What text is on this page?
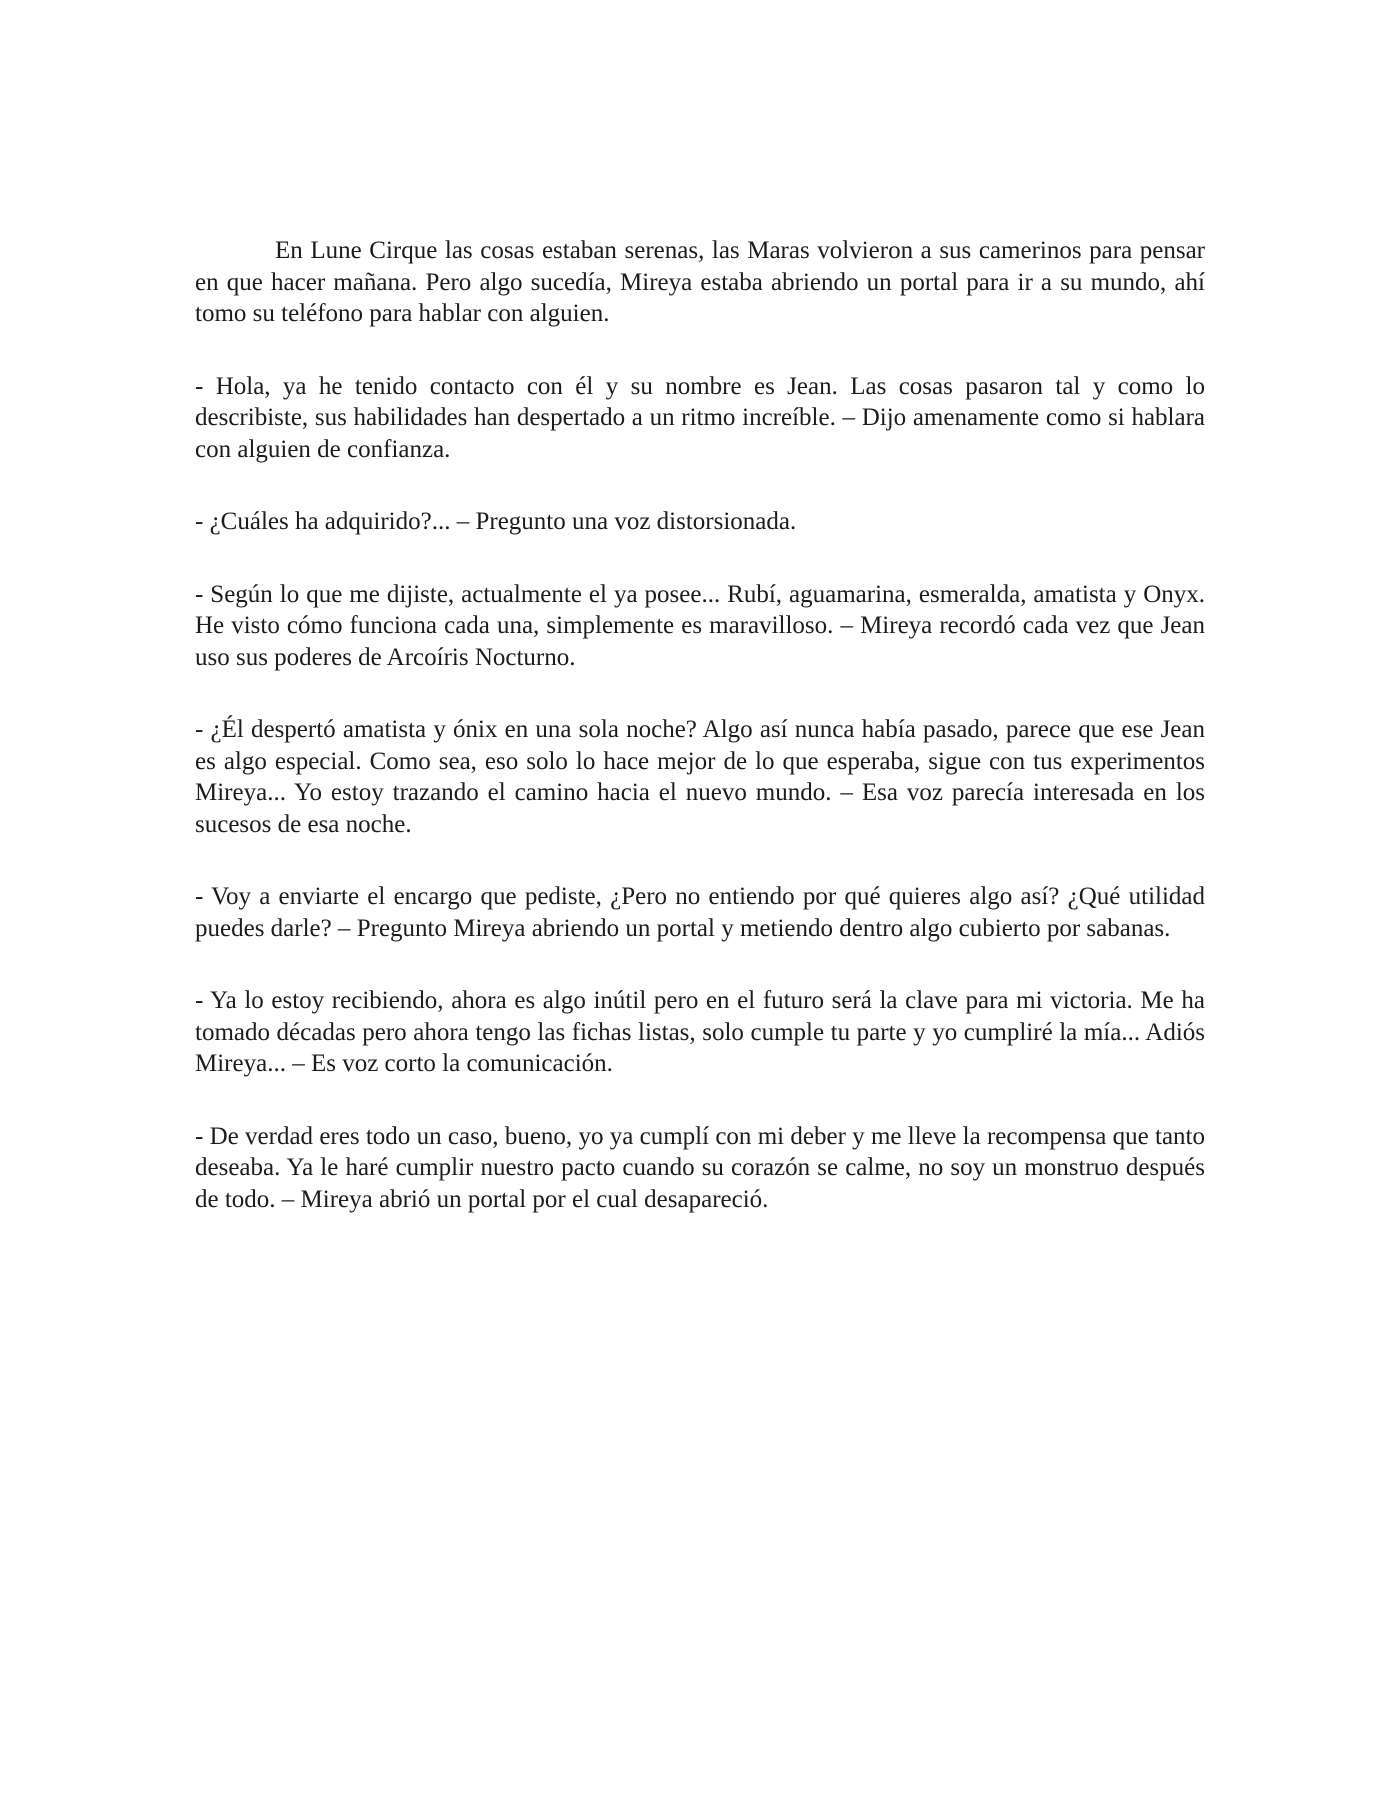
En Lune Cirque las cosas estaban serenas, las Maras volvieron a sus camerinos para pensar en que hacer mañana. Pero algo sucedía, Mireya estaba abriendo un portal para ir a su mundo, ahí tomo su teléfono para hablar con alguien.

- Hola, ya he tenido contacto con él y su nombre es Jean. Las cosas pasaron tal y como lo describiste, sus habilidades han despertado a un ritmo increíble. – Dijo amenamente como si hablara con alguien de confianza.

- ¿Cuáles ha adquirido?... – Pregunto una voz distorsionada.

- Según lo que me dijiste, actualmente el ya posee... Rubí, aguamarina, esmeralda, amatista y Onyx. He visto cómo funciona cada una, simplemente es maravilloso. – Mireya recordó cada vez que Jean uso sus poderes de Arcoíris Nocturno.

- ¿Él despertó amatista y ónix en una sola noche? Algo así nunca había pasado, parece que ese Jean es algo especial. Como sea, eso solo lo hace mejor de lo que esperaba, sigue con tus experimentos Mireya... Yo estoy trazando el camino hacia el nuevo mundo. – Esa voz parecía interesada en los sucesos de esa noche.

- Voy a enviarte el encargo que pediste, ¿Pero no entiendo por qué quieres algo así? ¿Qué utilidad puedes darle? – Pregunto Mireya abriendo un portal y metiendo dentro algo cubierto por sabanas.

- Ya lo estoy recibiendo, ahora es algo inútil pero en el futuro será la clave para mi victoria. Me ha tomado décadas pero ahora tengo las fichas listas, solo cumple tu parte y yo cumpliré la mía... Adiós Mireya... – Es voz corto la comunicación.

- De verdad eres todo un caso, bueno, yo ya cumplí con mi deber y me lleve la recompensa que tanto deseaba. Ya le haré cumplir nuestro pacto cuando su corazón se calme, no soy un monstruo después de todo. – Mireya abrió un portal por el cual desapareció.
